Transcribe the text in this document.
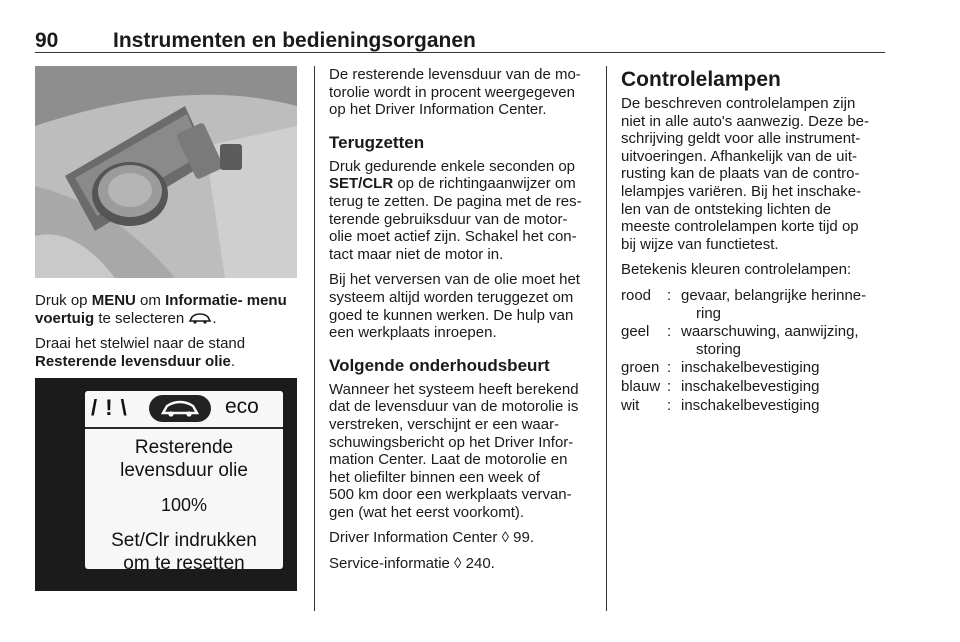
90	Instrumenten en bedieningsorganen

Druk op MENU om Informatie- menu
voertuig te selecteren .

Draai het stelwiel naar de stand
Resterende levensduur olie.

/ ! \	eco
Resterende
levensduur olie
100%
Set/Clr indrukken
om te resetten

De resterende levensduur van de mo-
torolie wordt in procent weergegeven
op het Driver Information Center.

Terugzetten

Druk gedurende enkele seconden op
SET/CLR op de richtingaanwijzer om
terug te zetten. De pagina met de res-
terende gebruiksduur van de motor-
olie moet actief zijn. Schakel het con-
tact maar niet de motor in.

Bij het verversen van de olie moet het
systeem altijd worden teruggezet om
goed te kunnen werken. De hulp van
een werkplaats inroepen.

Volgende onderhoudsbeurt

Wanneer het systeem heeft berekend
dat de levensduur van de motorolie is
verstreken, verschijnt er een waar-
schuwingsbericht op het Driver Infor-
mation Center. Laat de motorolie en
het oliefilter binnen een week of
500 km door een werkplaats vervan-
gen (wat het eerst voorkomt).

Driver Information Center ◊ 99.

Service-informatie ◊ 240.

Controlelampen

De beschreven controlelampen zijn
niet in alle auto's aanwezig. Deze be-
schrijving geldt voor alle instrument-
uitvoeringen. Afhankelijk van de uit-
rusting kan de plaats van de contro-
lelampjes variëren. Bij het inschake-
len van de ontsteking lichten de
meeste controlelampen korte tijd op
bij wijze van functietest.

Betekenis kleuren controlelampen:

rood	: gevaar, belangrijke herinne-
ring
geel	: waarschuwing, aanwijzing,
storing
groen : inschakelbevestiging
blauw : inschakelbevestiging
wit	: inschakelbevestiging
